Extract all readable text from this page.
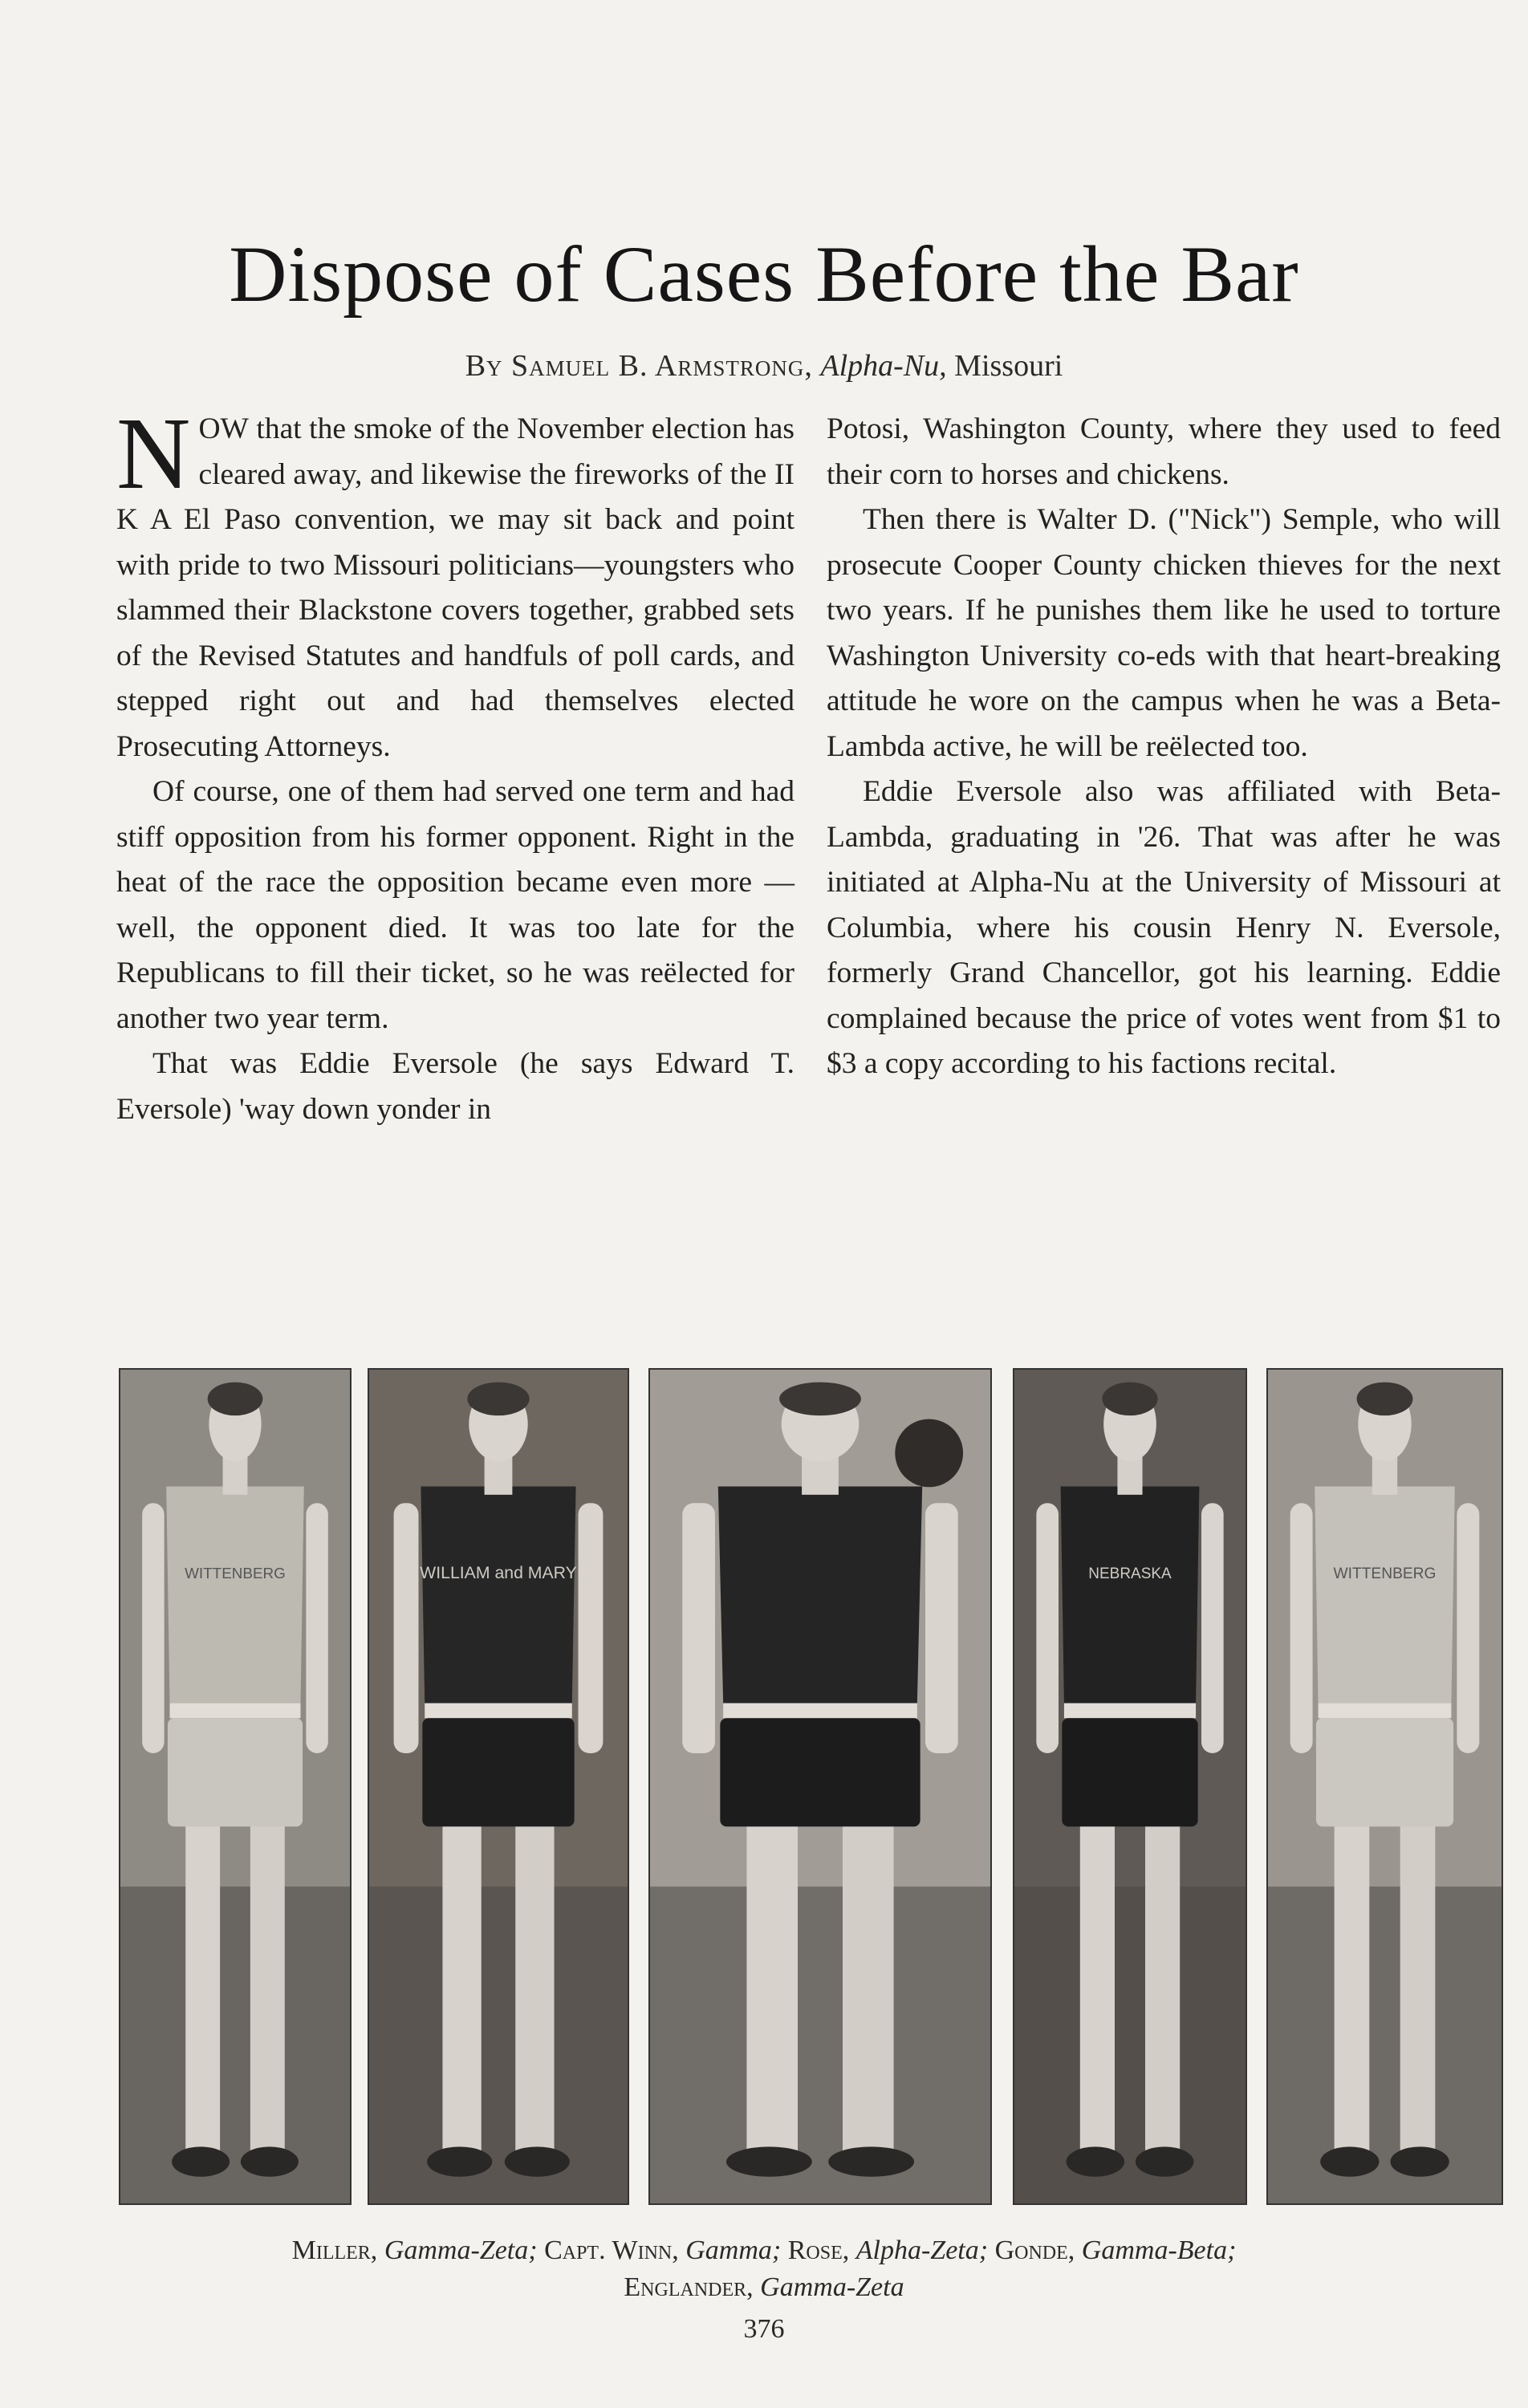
Dispose of Cases Before the Bar
By Samuel B. Armstrong, Alpha-Nu, Missouri

NOW that the smoke of the November election has cleared away, and likewise the fireworks of the II K A El Paso convention, we may sit back and point with pride to two Missouri politicians—youngsters who slammed their Blackstone covers together, grabbed sets of the Revised Statutes and handfuls of poll cards, and stepped right out and had themselves elected Prosecuting Attorneys.

Of course, one of them had served one term and had stiff opposition from his former opponent. Right in the heat of the race the opposition became even more —well, the opponent died. It was too late for the Republicans to fill their ticket, so he was reëlected for another two year term.

That was Eddie Eversole (he says Edward T. Eversole) 'way down yonder in

Potosi, Washington County, where they used to feed their corn to horses and chickens.

Then there is Walter D. ("Nick") Semple, who will prosecute Cooper County chicken thieves for the next two years. If he punishes them like he used to torture Washington University co-eds with that heart-breaking attitude he wore on the campus when he was a Beta-Lambda active, he will be reëlected too.

Eddie Eversole also was affiliated with Beta-Lambda, graduating in '26. That was after he was initiated at Alpha-Nu at the University of Missouri at Columbia, where his cousin Henry N. Eversole, formerly Grand Chancellor, got his learning. Eddie complained because the price of votes went from $1 to $3 a copy according to his factions recital.

WITTENBERG	WILLIAM and MARY	NEBRASKA	WITTENBERG
Miller, Gamma-Zeta; Capt. Winn, Gamma; Rose, Alpha-Zeta; Gonde, Gamma-Beta;
Englander, Gamma-Zeta
376
